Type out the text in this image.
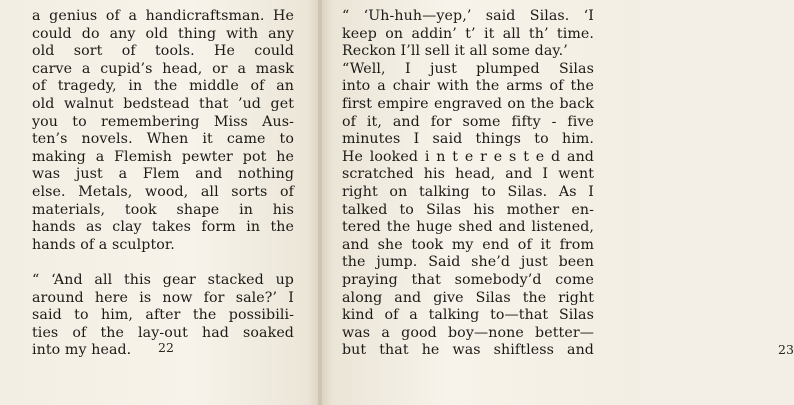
a genius of a handicraftsman. He
could do any old thing with any
old sort of tools. He could
carve a cupid’s head, or a mask
of tragedy, in the middle of an
old walnut bedstead that ’ud get
you to remembering Miss Aus-
ten’s novels. When it came to
making a Flemish pewter pot he
was just a Flem and nothing
else. Metals, wood, all sorts of
materials, took shape in his
hands as clay takes form in the
hands of a sculptor.
“ ‘And all this gear stacked up
around here is now for sale?’ I
said to him, after the possibili-
ties of the lay-out had soaked
into my head.	22	23
“ ‘Uh-huh—yep,’ said Silas. ‘I
keep on addin’ t’ it all th’ time.
Reckon I’ll sell it all some day.’
“Well, I just plumped Silas
into a chair with the arms of the
first empire engraved on the back
of it, and for some fifty - five
minutes I said things to him.
He looked i n t e r e s t e d and
scratched his head, and I went
right on talking to Silas. As I
talked to Silas his mother en-
tered the huge shed and listened,
and she took my end of it from
the jump. Said she’d just been
praying that somebody’d come
along and give Silas the right
kind of a talking to—that Silas
was a good boy—none better—
but that he was shiftless and
